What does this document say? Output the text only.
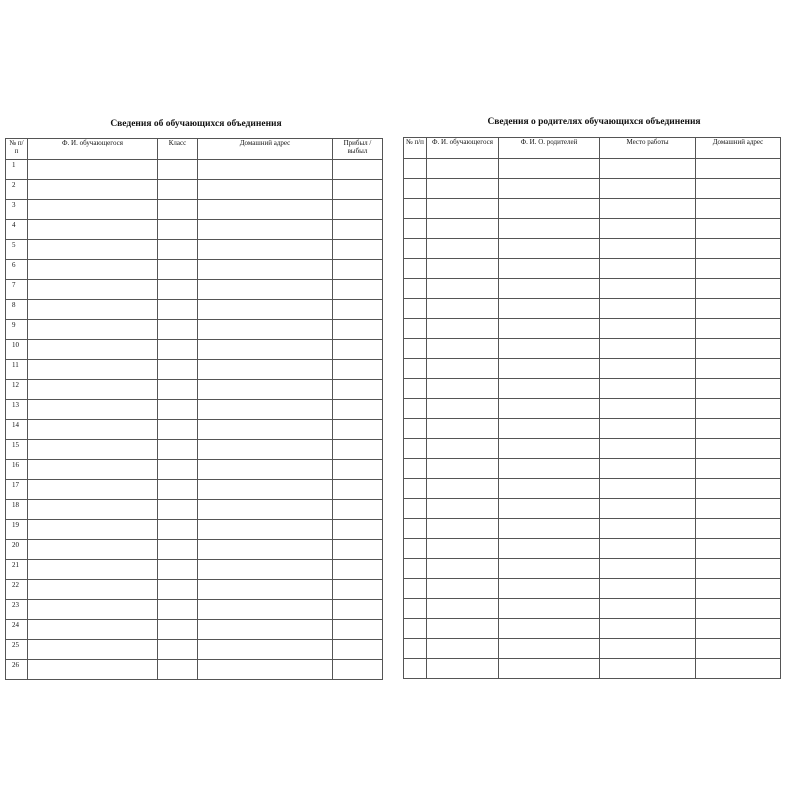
Сведения об обучающихся объединения
№ п/п	Ф. И. обучающегося	Класс	Домашний адрес	Прибыл / выбыл
1				
2				
3				
4				
5				
6				
7				
8				
9				
10				
11				
12				
13				
14				
15				
16				
17				
18				
19				
20				
21				
22				
23				
24				
25				
26				
Сведения о родителях обучающихся объединения
№ п/п	Ф. И. обучающегося	Ф. И. О. родителей	Место работы	Домашний адрес
